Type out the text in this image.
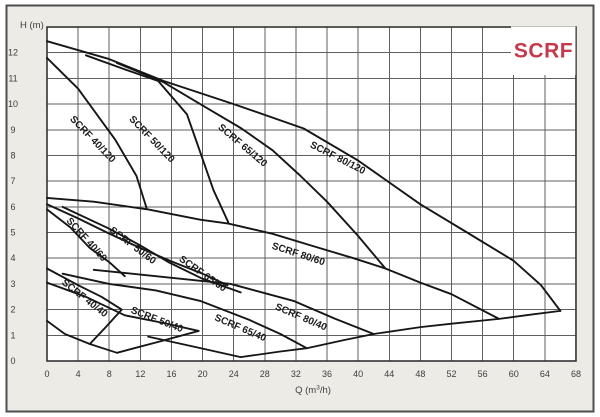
SCRF
SCRF 40/120 SCRF 50/120	SCRF 65/120	SCRF 80/120
SCRF 40/60
SCRF 50/60
SCRF 65/60	SCRF 80/60
SCRF 40/40
SCRF 50/40	SCRF 65/40 SCRF 80/40
0
1
2
3
4
5
6
7
8
9
10
11
12
0	4	8	12 16 20 24 28 32 36 40 44 48 52 56 60 64 68
H (m)
Q $(m^3/h)$
